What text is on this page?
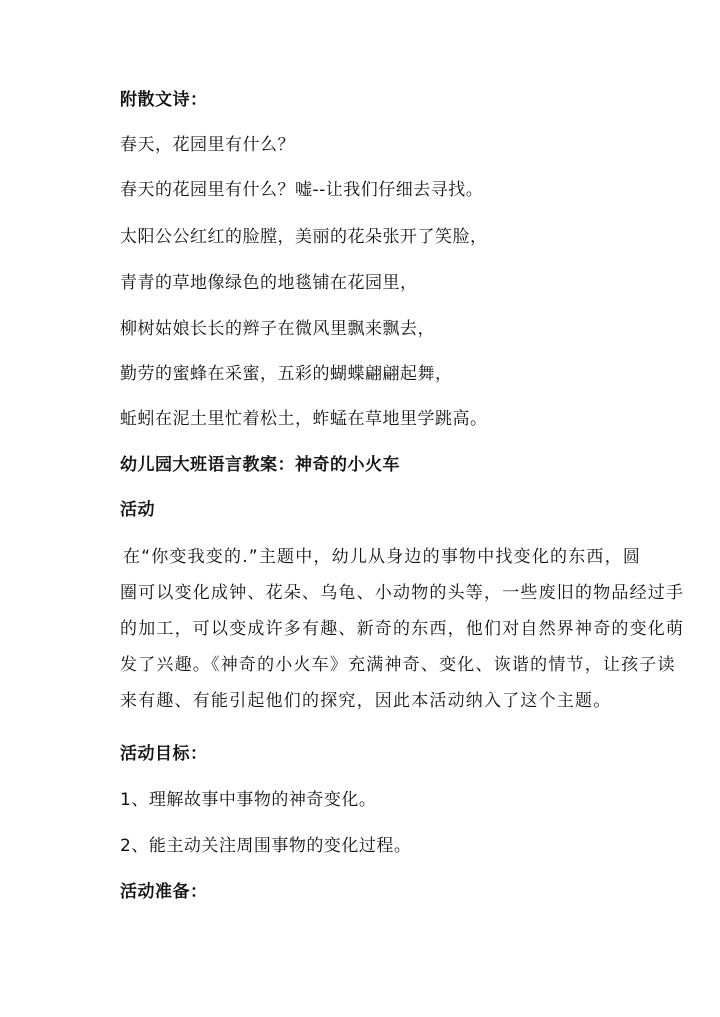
附散文诗：
春天，花园里有什么？
春天的花园里有什么？嘘--让我们仔细去寻找。
太阳公公红红的脸膛，美丽的花朵张开了笑脸，
青青的草地像绿色的地毯铺在花园里，
柳树姑娘长长的辫子在微风里飘来飘去，
勤劳的蜜蜂在采蜜，五彩的蝴蝶翩翩起舞，
蚯蚓在泥土里忙着松土，蚱蜢在草地里学跳高。
幼儿园大班语言教案：神奇的小火车
活动
在“你变我变的.”主题中，幼儿从身边的事物中找变化的东西，圆
圈可以变化成钟、花朵、乌龟、小动物的头等，一些废旧的物品经过手
的加工，可以变成许多有趣、新奇的东西，他们对自然界神奇的变化萌
发了兴趣。《神奇的小火车》充满神奇、变化、诙谐的情节，让孩子读
来有趣、有能引起他们的探究，因此本活动纳入了这个主题。
活动目标：
1、理解故事中事物的神奇变化。
2、能主动关注周围事物的变化过程。
活动准备：
